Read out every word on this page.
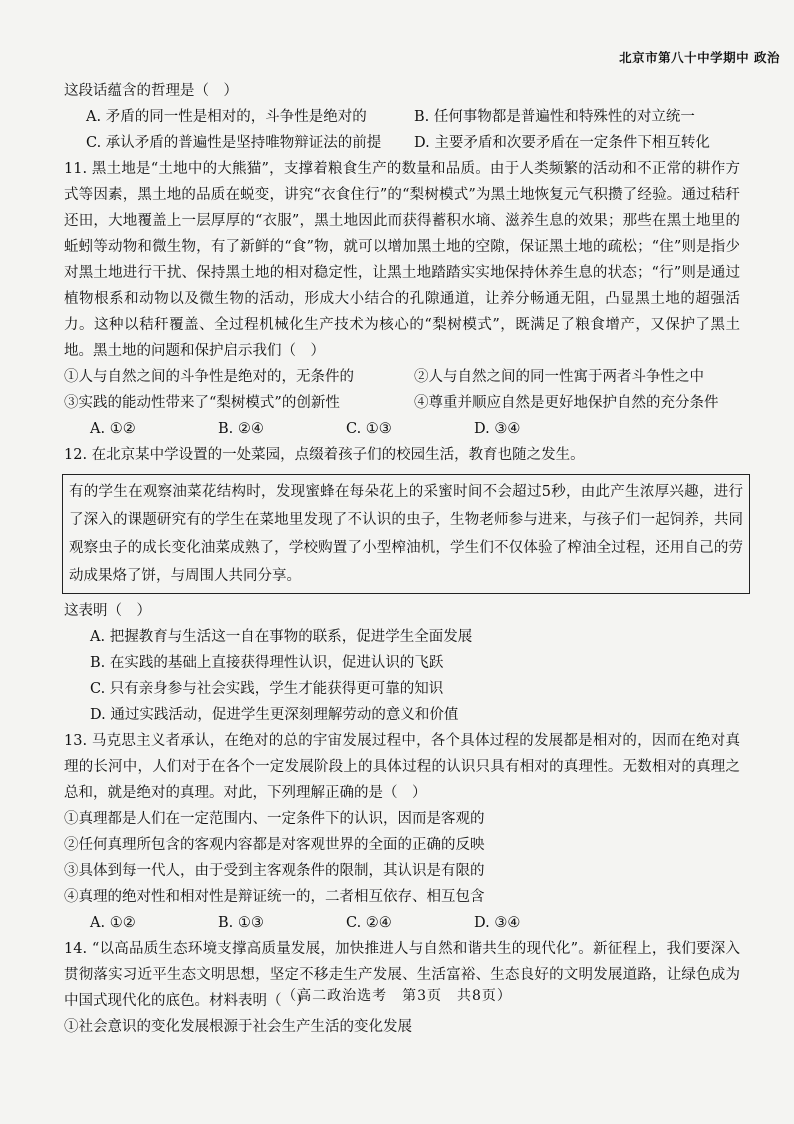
北京市第八十中学期中 政治
这段话蕴含的哲理是（　）
A. 矛盾的同一性是相对的，斗争性是绝对的	B. 任何事物都是普遍性和特殊性的对立统一
C. 承认矛盾的普遍性是坚持唯物辩证法的前提	D. 主要矛盾和次要矛盾在一定条件下相互转化
11. 黑土地是“土地中的大熊猫”，支撑着粮食生产的数量和品质。由于人类频繁的活动和不正常的耕作方式等因素，黑土地的品质在蜕变，讲究“衣食住行”的“梨树模式”为黑土地恢复元气积攒了经验。通过秸秆还田，大地覆盖上一层厚厚的“衣服”，黑土地因此而获得蓄积水墒、滋养生息的效果；那些在黑土地里的蚯蚓等动物和微生物，有了新鲜的“食”物，就可以增加黑土地的空隙，保证黑土地的疏松；“住”则是指少对黑土地进行干扰、保持黑土地的相对稳定性，让黑土地踏踏实实地保持休养生息的状态；“行”则是通过植物根系和动物以及微生物的活动，形成大小结合的孔隙通道，让养分畅通无阻，凸显黑土地的超强活力。这种以秸秆覆盖、全过程机械化生产技术为核心的“梨树模式”，既满足了粮食增产，又保护了黑土地。黑土地的问题和保护启示我们（　）
①人与自然之间的斗争性是绝对的，无条件的	②人与自然之间的同一性寓于两者斗争性之中
③实践的能动性带来了“梨树模式”的创新性	④尊重并顺应自然是更好地保护自然的充分条件
A. ①②	B. ②④	C. ①③	D. ③④
12. 在北京某中学设置的一处菜园，点缀着孩子们的校园生活，教育也随之发生。
有的学生在观察油菜花结构时，发现蜜蜂在每朵花上的采蜜时间不会超过5秒，由此产生浓厚兴趣，进行了深入的课题研究有的学生在菜地里发现了不认识的虫子，生物老师参与进来，与孩子们一起饲养，共同观察虫子的成长变化油菜成熟了，学校购置了小型榨油机，学生们不仅体验了榨油全过程，还用自己的劳动成果烙了饼，与周围人共同分享。
这表明（　）
A. 把握教育与生活这一自在事物的联系，促进学生全面发展
B. 在实践的基础上直接获得理性认识，促进认识的飞跃
C. 只有亲身参与社会实践，学生才能获得更可靠的知识
D. 通过实践活动，促进学生更深刻理解劳动的意义和价值
13. 马克思主义者承认，在绝对的总的宇宙发展过程中，各个具体过程的发展都是相对的，因而在绝对真理的长河中，人们对于在各个一定发展阶段上的具体过程的认识只具有相对的真理性。无数相对的真理之总和，就是绝对的真理。对此，下列理解正确的是（　）
①真理都是人们在一定范围内、一定条件下的认识，因而是客观的
②任何真理所包含的客观内容都是对客观世界的全面的正确的反映
③具体到每一代人，由于受到主客观条件的限制，其认识是有限的
④真理的绝对性和相对性是辩证统一的，二者相互依存、相互包含
A. ①②	B. ①③	C. ②④	D. ③④
14. “以高品质生态环境支撑高质量发展，加快推进人与自然和谐共生的现代化”。新征程上，我们要深入贯彻落实习近平生态文明思想，坚定不移走生产发展、生活富裕、生态良好的文明发展道路，让绿色成为中国式现代化的底色。材料表明（　）
①社会意识的变化发展根源于社会生产生活的变化发展
（高二政治选考　第3页　共8页）
